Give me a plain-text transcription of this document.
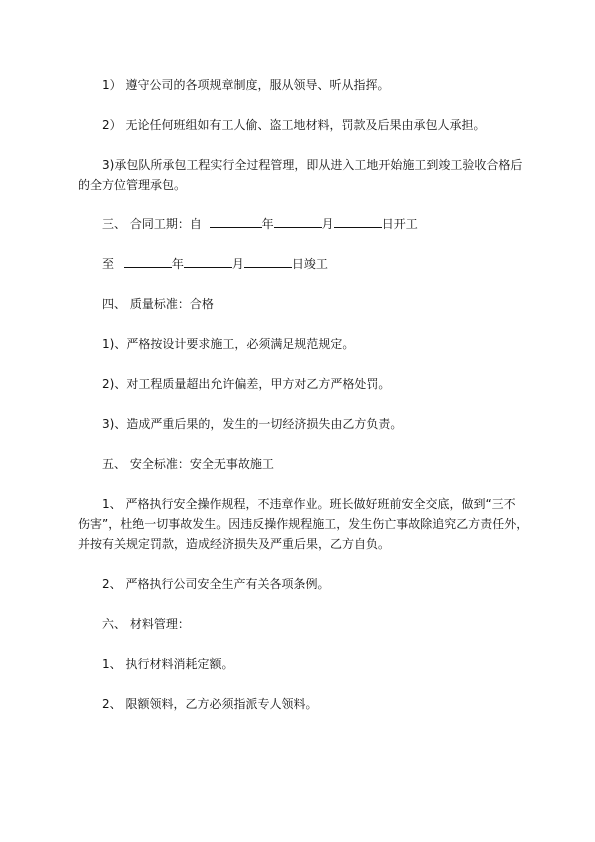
1） 遵守公司的各项规章制度，服从领导、听从指挥。
2） 无论任何班组如有工人偷、盗工地材料，罚款及后果由承包人承担。
3)承包队所承包工程实行全过程管理，即从进入工地开始施工到竣工验收合格后
的全方位管理承包。
三、 合同工期：自	年	月	日开工
至	年	月	日竣工
四、 质量标准：合格
1)、严格按设计要求施工，必须满足规范规定。
2)、对工程质量超出允许偏差，甲方对乙方严格处罚。
3)、造成严重后果的，发生的一切经济损失由乙方负责。
五、 安全标准：安全无事故施工
1、 严格执行安全操作规程，不违章作业。班长做好班前安全交底，做到“三不
伤害”，杜绝一切事故发生。因违反操作规程施工，发生伤亡事故除追究乙方责任外，
并按有关规定罚款，造成经济损失及严重后果，乙方自负。
2、 严格执行公司安全生产有关各项条例。
六、 材料管理：
1、 执行材料消耗定额。
2、 限额领料，乙方必须指派专人领料。
